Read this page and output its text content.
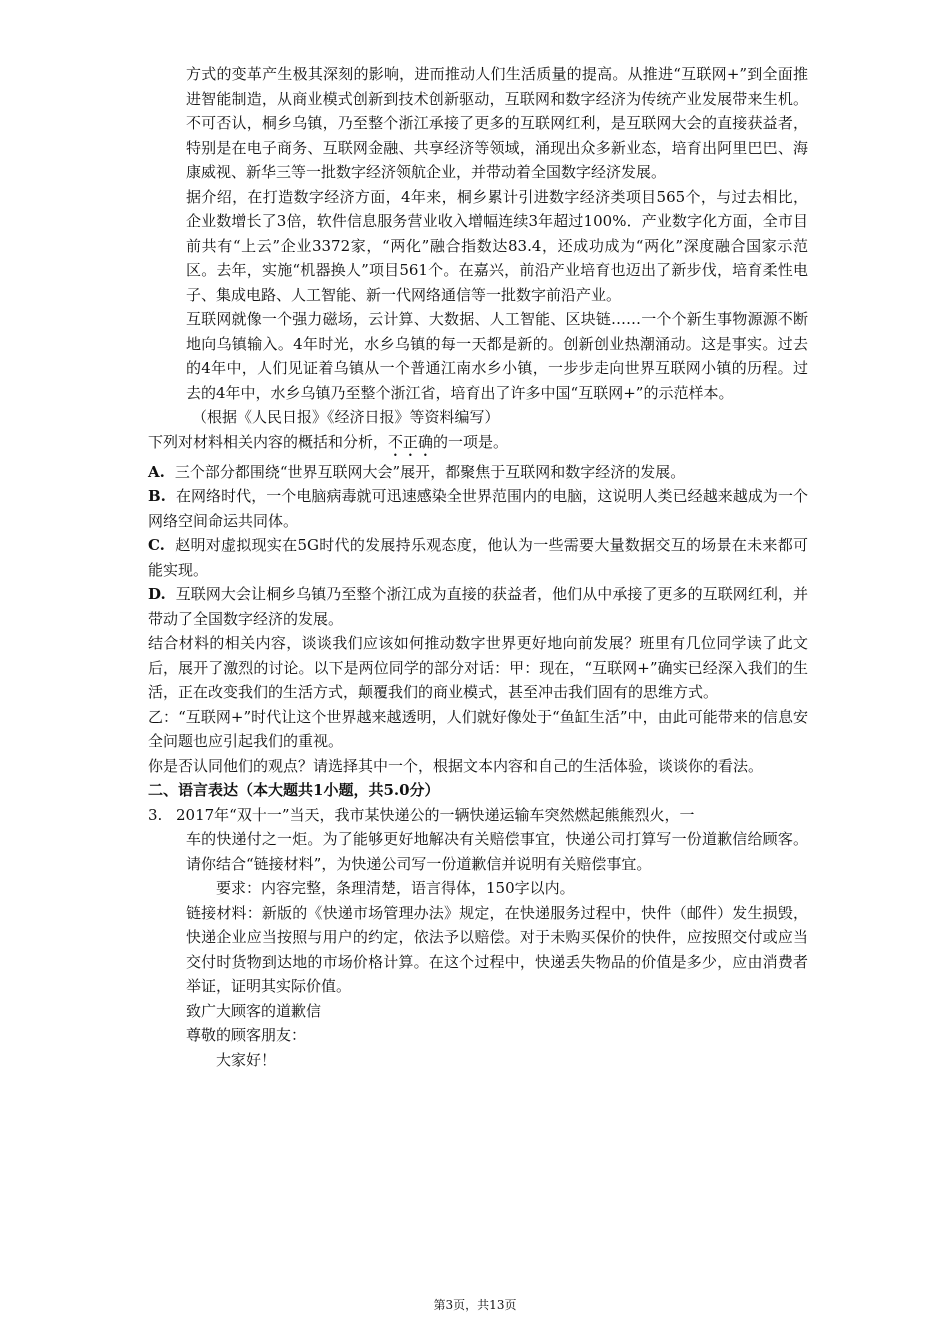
方式的变革产生极其深刻的影响，进而推动人们生活质量的提高。从推进“互联网+”到全面推进智能制造，从商业模式创新到技术创新驱动，互联网和数字经济为传统产业发展带来生机。不可否认，桐乡乌镇，乃至整个浙江承接了更多的互联网红利，是互联网大会的直接获益者，特别是在电子商务、互联网金融、共享经济等领域，涌现出众多新业态，培育出阿里巴巴、海康威视、新华三等一批数字经济领航企业，并带动着全国数字经济发展。

据介绍，在打造数字经济方面，4年来，桐乡累计引进数字经济类项目565个，与过去相比，企业数增长了3倍，软件信息服务营业收入增幅连续3年超过100%．产业数字化方面，全市目前共有“上云”企业3372家，“两化”融合指数达83.4，还成功成为“两化”深度融合国家示范区。去年，实施“机器换人”项目561个。在嘉兴，前沿产业培育也迈出了新步伐，培育柔性电子、集成电路、人工智能、新一代网络通信等一批数字前沿产业。

互联网就像一个强力磁场，云计算、大数据、人工智能、区块链……一个个新生事物源源不断地向乌镇输入。4年时光，水乡乌镇的每一天都是新的。创新创业热潮涌动。这是事实。过去的4年中，人们见证着乌镇从一个普通江南水乡小镇，一步步走向世界互联网小镇的历程。过去的4年中，水乡乌镇乃至整个浙江省，培育出了许多中国“互联网+”的示范样本。

（根据《人民日报》《经济日报》等资料编写）

下列对材料相关内容的概括和分析，不正确的一项是。

A. 三个部分都围绕“世界互联网大会”展开，都聚焦于互联网和数字经济的发展。

B. 在网络时代，一个电脑病毒就可迅速感染全世界范围内的电脑，这说明人类已经越来越成为一个网络空间命运共同体。

C. 赵明对虚拟现实在5G时代的发展持乐观态度，他认为一些需要大量数据交互的场景在未来都可能实现。

D. 互联网大会让桐乡乌镇乃至整个浙江成为直接的获益者，他们从中承接了更多的互联网红利，并带动了全国数字经济的发展。

结合材料的相关内容，谈谈我们应该如何推动数字世界更好地向前发展？班里有几位同学读了此文后，展开了激烈的讨论。以下是两位同学的部分对话：甲：现在，“互联网+”确实已经深入我们的生活，正在改变我们的生活方式，颠覆我们的商业模式，甚至冲击我们固有的思维方式。

乙：“互联网+”时代让这个世界越来越透明，人们就好像处于“鱼缸生活”中，由此可能带来的信息安全问题也应引起我们的重视。

你是否认同他们的观点？请选择其中一个，根据文本内容和自己的生活体验，谈谈你的看法。

二、语言表达（本大题共1小题，共5.0分）

3. 2017年“双十一”当天，我市某快递公的一辆快递运输车突然燃起熊熊烈火，一

车的快递付之一炬。为了能够更好地解决有关赔偿事宜，快递公司打算写一份道歉信给顾客。请你结合“链接材料”，为快递公司写一份道歉信并说明有关赔偿事宜。

要求：内容完整，条理清楚，语言得体，150字以内。

链接材料：新版的《快递市场管理办法》规定，在快递服务过程中，快件（邮件）发生损毁，快递企业应当按照与用户的约定，依法予以赔偿。对于未购买保价的快件，应按照交付或应当交付时货物到达地的市场价格计算。在这个过程中，快递丢失物品的价值是多少，应由消费者举证，证明其实际价值。

致广大顾客的道歉信

尊敬的顾客朋友：

大家好！

第3页，共13页
